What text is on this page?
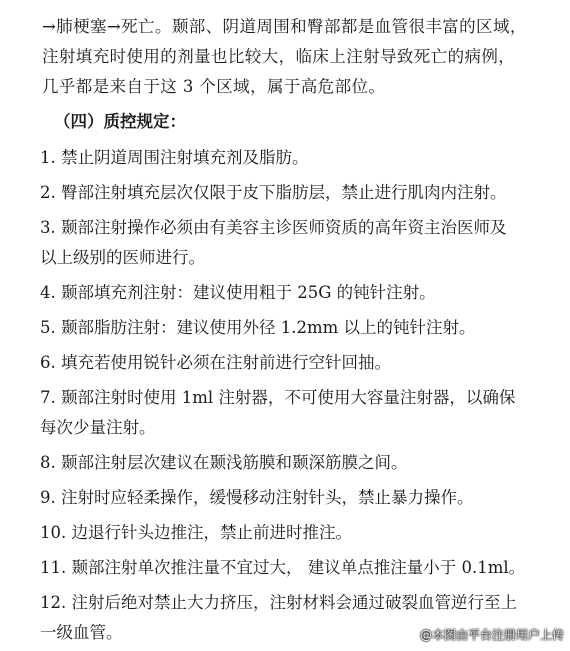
→肺梗塞→死亡。颞部、阴道周围和臀部都是血管很丰富的区域，
注射填充时使用的剂量也比较大，临床上注射导致死亡的病例，
几乎都是来自于这 3 个区域，属于高危部位。
（四）质控规定：
1. 禁止阴道周围注射填充剂及脂肪。
2. 臀部注射填充层次仅限于皮下脂肪层，禁止进行肌肉内注射。
3. 颞部注射操作必须由有美容主诊医师资质的高年资主治医师及
以上级别的医师进行。
4. 颞部填充剂注射：建议使用粗于 25G 的钝针注射。
5. 颞部脂肪注射：建议使用外径 1.2mm 以上的钝针注射。
6. 填充若使用锐针必须在注射前进行空针回抽。
7. 颞部注射时使用 1ml 注射器，不可使用大容量注射器，以确保
每次少量注射。
8. 颞部注射层次建议在颞浅筋膜和颞深筋膜之间。
9. 注射时应轻柔操作，缓慢移动注射针头，禁止暴力操作。
10. 边退行针头边推注，禁止前进时推注。
11. 颞部注射单次推注量不宜过大， 建议单点推注量小于 0.1ml。
12. 注射后绝对禁止大力挤压，注射材料会通过破裂血管逆行至上
一级血管。	@本图由平台注册用户上传
